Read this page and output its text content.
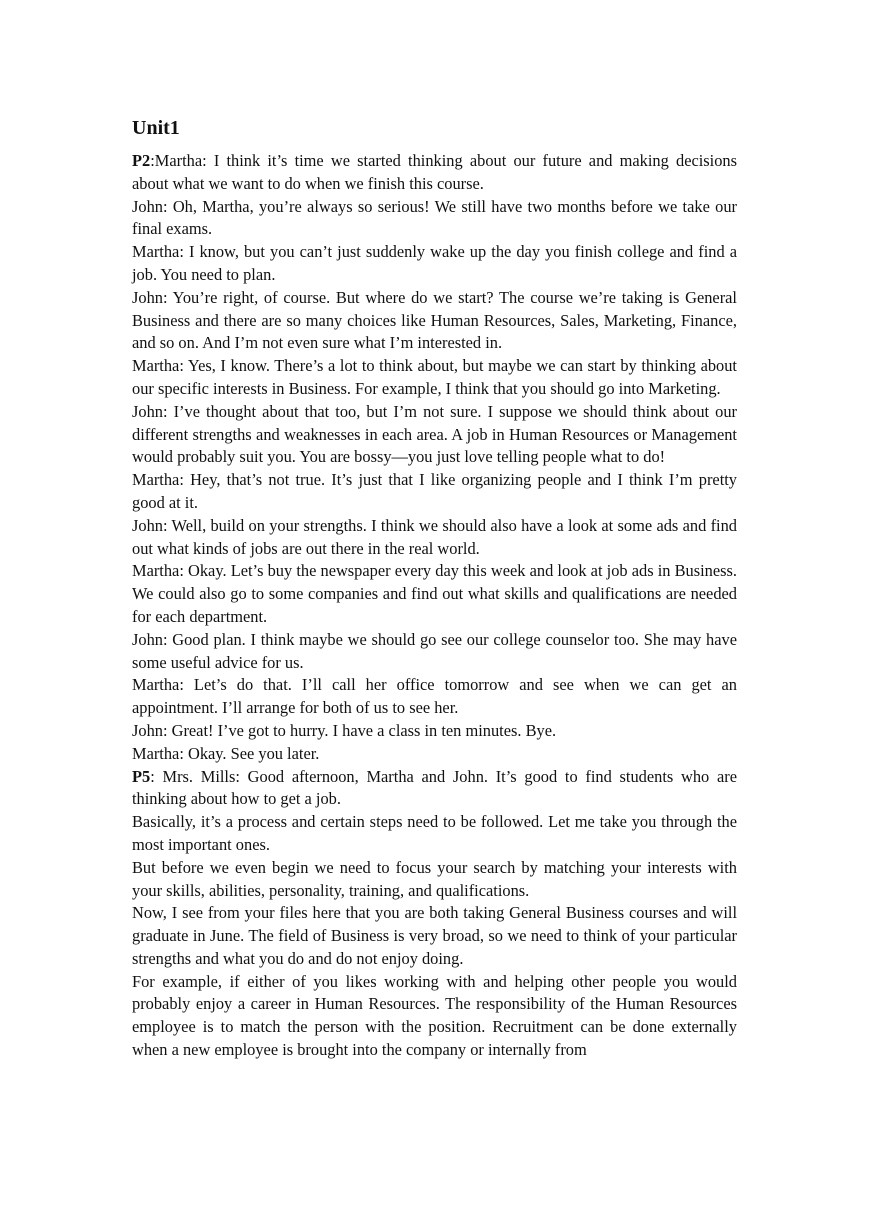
Unit1

P2:Martha: I think it’s time we started thinking about our future and making decisions about what we want to do when we finish this course.

John: Oh, Martha, you’re always so serious! We still have two months before we take our final exams.

Martha: I know, but you can’t just suddenly wake up the day you finish college and find a job. You need to plan.

John: You’re right, of course. But where do we start? The course we’re taking is General Business and there are so many choices like Human Resources, Sales, Marketing, Finance, and so on. And I’m not even sure what I’m interested in.

Martha: Yes, I know. There’s a lot to think about, but maybe we can start by thinking about our specific interests in Business. For example, I think that you should go into Marketing.

John: I’ve thought about that too, but I’m not sure. I suppose we should think about our different strengths and weaknesses in each area. A job in Human Resources or Management would probably suit you. You are bossy—you just love telling people what to do!

Martha: Hey, that’s not true. It’s just that I like organizing people and I think I’m pretty good at it.

John: Well, build on your strengths. I think we should also have a look at some ads and find out what kinds of jobs are out there in the real world.

Martha: Okay. Let’s buy the newspaper every day this week and look at job ads in Business. We could also go to some companies and find out what skills and qualifications are needed for each department.

John: Good plan. I think maybe we should go see our college counselor too. She may have some useful advice for us.

Martha: Let’s do that. I’ll call her office tomorrow and see when we can get an appointment. I’ll arrange for both of us to see her.

John: Great! I’ve got to hurry. I have a class in ten minutes. Bye.

Martha: Okay. See you later.

P5: Mrs. Mills: Good afternoon, Martha and John. It’s good to find students who are thinking about how to get a job.

Basically, it’s a process and certain steps need to be followed. Let me take you through the most important ones.

But before we even begin we need to focus your search by matching your interests with your skills, abilities, personality, training, and qualifications.

Now, I see from your files here that you are both taking General Business courses and will graduate in June. The field of Business is very broad, so we need to think of your particular strengths and what you do and do not enjoy doing.

For example, if either of you likes working with and helping other people you would probably enjoy a career in Human Resources. The responsibility of the Human Resources employee is to match the person with the position. Recruitment can be done externally when a new employee is brought into the company or internally from
